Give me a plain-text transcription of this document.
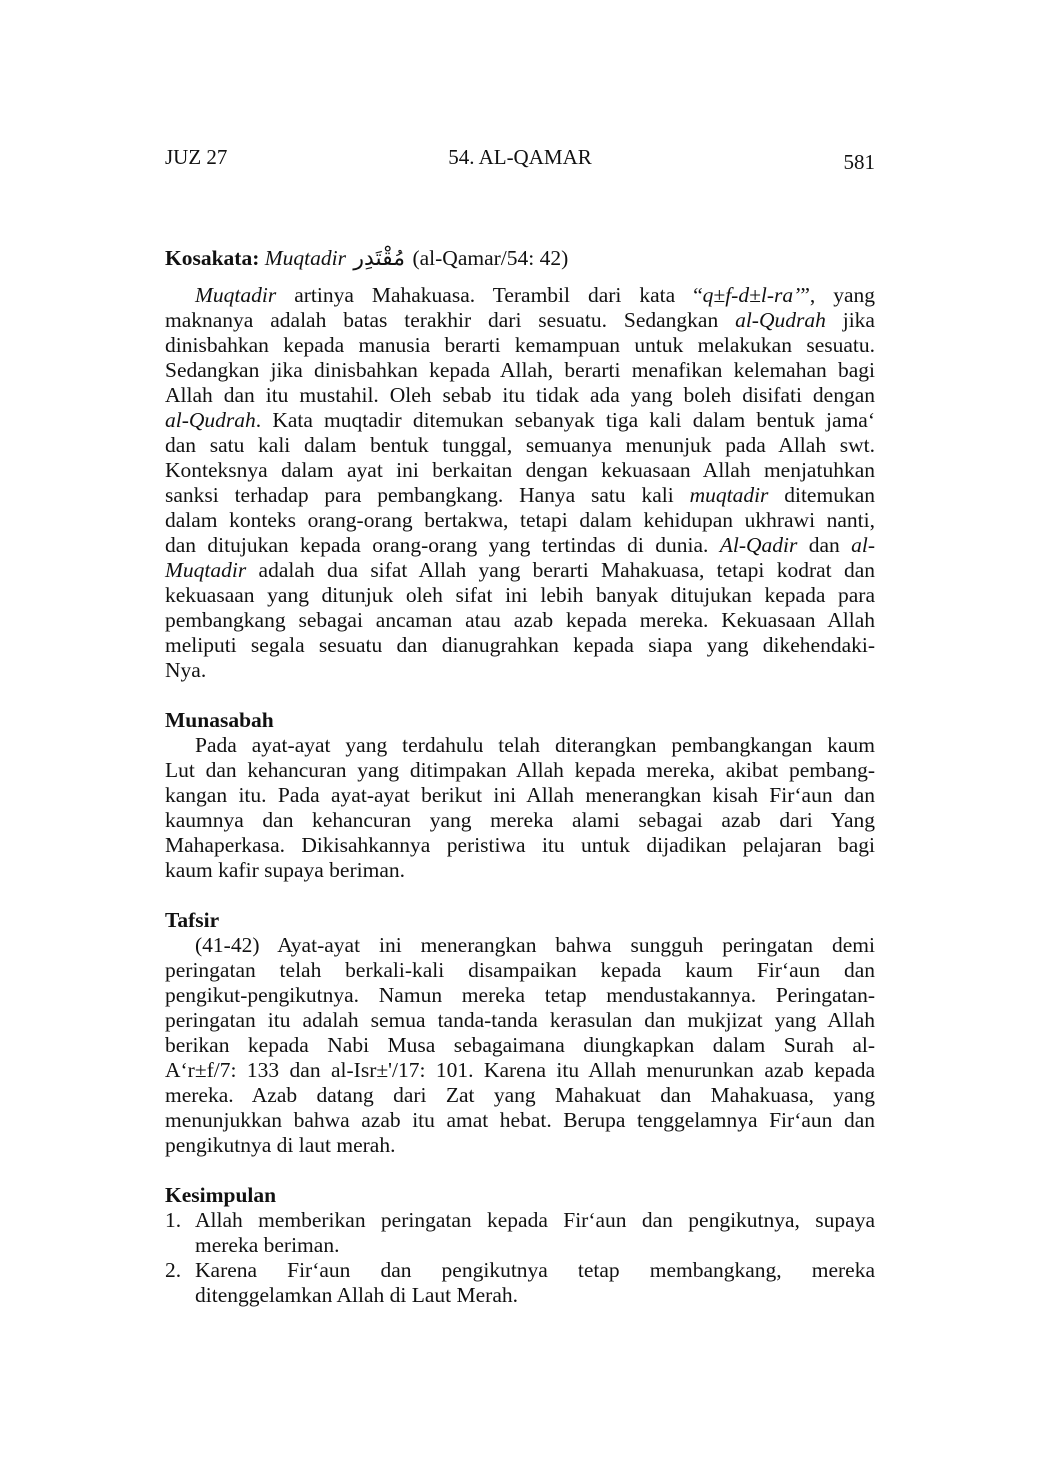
JUZ 27	54. AL-QAMAR	581
Kosakata: Muqtadir مُقْتَدِر (al-Qamar/54: 42)
Muqtadir artinya Mahakuasa. Terambil dari kata “q±f-d±l-ra’”, yang
maknanya adalah batas terakhir dari sesuatu. Sedangkan al-Qudrah jika
dinisbahkan kepada manusia berarti kemampuan untuk melakukan sesuatu.
Sedangkan jika dinisbahkan kepada Allah, berarti menafikan kelemahan bagi
Allah dan itu mustahil. Oleh sebab itu tidak ada yang boleh disifati dengan
al-Qudrah. Kata muqtadir ditemukan sebanyak tiga kali dalam bentuk jama‘
dan satu kali dalam bentuk tunggal, semuanya menunjuk pada Allah swt.
Konteksnya dalam ayat ini berkaitan dengan kekuasaan Allah menjatuhkan
sanksi terhadap para pembangkang. Hanya satu kali muqtadir ditemukan
dalam konteks orang-orang bertakwa, tetapi dalam kehidupan ukhrawi nanti,
dan ditujukan kepada orang-orang yang tertindas di dunia. Al-Qadir dan al-
Muqtadir adalah dua sifat Allah yang berarti Mahakuasa, tetapi kodrat dan
kekuasaan yang ditunjuk oleh sifat ini lebih banyak ditujukan kepada para
pembangkang sebagai ancaman atau azab kepada mereka. Kekuasaan Allah
meliputi segala sesuatu dan dianugrahkan kepada siapa yang dikehendaki-
Nya.
Munasabah
Pada ayat-ayat yang terdahulu telah diterangkan pembangkangan kaum
Lut dan kehancuran yang ditimpakan Allah kepada mereka, akibat pembang-
kangan itu. Pada ayat-ayat berikut ini Allah menerangkan kisah Fir‘aun dan
kaumnya dan kehancuran yang mereka alami sebagai azab dari Yang
Mahaperkasa. Dikisahkannya peristiwa itu untuk dijadikan pelajaran bagi
kaum kafir supaya beriman.
Tafsir
(41-42) Ayat-ayat ini menerangkan bahwa sungguh peringatan demi
peringatan telah berkali-kali disampaikan kepada kaum Fir‘aun dan
pengikut-pengikutnya. Namun mereka tetap mendustakannya. Peringatan-
peringatan itu adalah semua tanda-tanda kerasulan dan mukjizat yang Allah
berikan kepada Nabi Musa sebagaimana diungkapkan dalam Surah al-
A‘r±f/7: 133 dan al-Isr±'/17: 101. Karena itu Allah menurunkan azab kepada
mereka. Azab datang dari Zat yang Mahakuat dan Mahakuasa, yang
menunjukkan bahwa azab itu amat hebat. Berupa tenggelamnya Fir‘aun dan
pengikutnya di laut merah.
Kesimpulan
1. Allah memberikan peringatan kepada Fir‘aun dan pengikutnya, supaya
mereka beriman.
2. Karena Fir‘aun dan pengikutnya tetap membangkang, mereka
ditenggelamkan Allah di Laut Merah.
